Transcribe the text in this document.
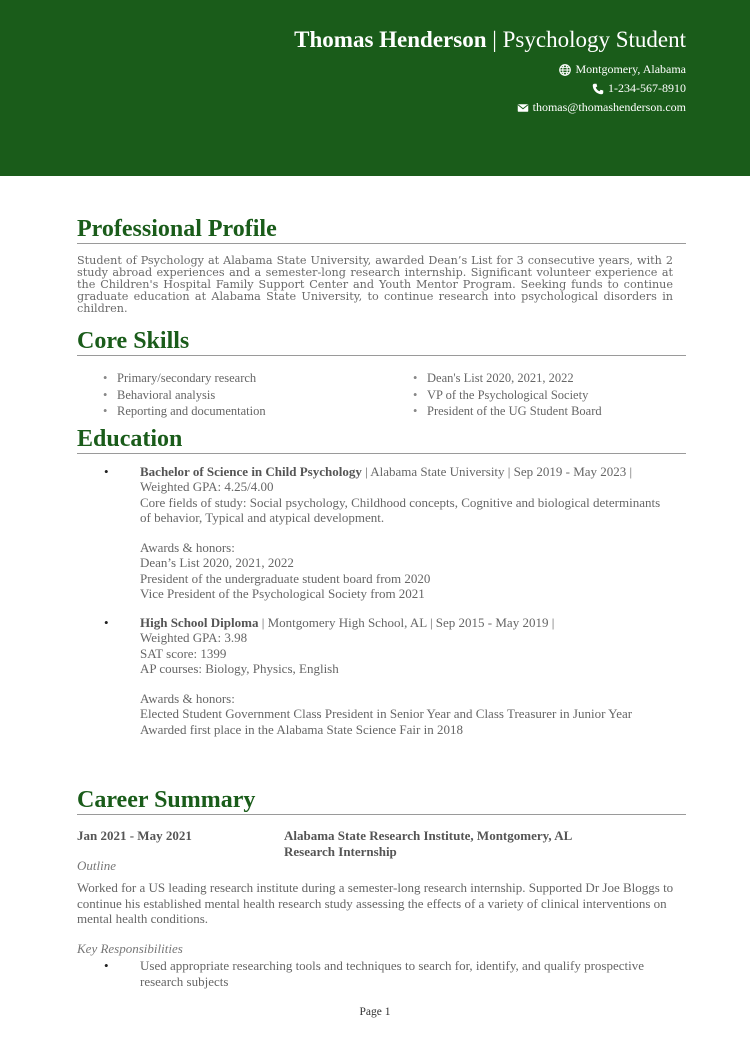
Thomas Henderson | Psychology Student
Montgomery, Alabama
1-234-567-8910
thomas@thomashenderson.com
Professional Profile
Student of Psychology at Alabama State University, awarded Dean’s List for 3 consecutive years, with 2 study abroad experiences and a semester-long research internship. Significant volunteer experience at the Children's Hospital Family Support Center and Youth Mentor Program. Seeking funds to continue graduate education at Alabama State University, to continue research into psychological disorders in children.
Core Skills
• Primary/secondary research
• Behavioral analysis
• Reporting and documentation
• Dean's List 2020, 2021, 2022
• VP of the Psychological Society
• President of the UG Student Board
Education
• Bachelor of Science in Child Psychology | Alabama State University | Sep 2019 - May 2023 |
Weighted GPA: 4.25/4.00
Core fields of study: Social psychology, Childhood concepts, Cognitive and biological determinants of behavior, Typical and atypical development.
Awards & honors:
Dean’s List 2020, 2021, 2022
President of the undergraduate student board from 2020
Vice President of the Psychological Society from 2021
• High School Diploma | Montgomery High School, AL | Sep 2015 - May 2019 |
Weighted GPA: 3.98
SAT score: 1399
AP courses: Biology, Physics, English
Awards & honors:
Elected Student Government Class President in Senior Year and Class Treasurer in Junior Year
Awarded first place in the Alabama State Science Fair in 2018
Career Summary
Jan 2021 - May 2021	Alabama State Research Institute, Montgomery, AL
Research Internship
Outline
Worked for a US leading research institute during a semester-long research internship. Supported Dr Joe Bloggs to continue his established mental health research study assessing the effects of a variety of clinical interventions on mental health conditions.
Key Responsibilities
• Used appropriate researching tools and techniques to search for, identify, and qualify prospective research subjects
Page 1
